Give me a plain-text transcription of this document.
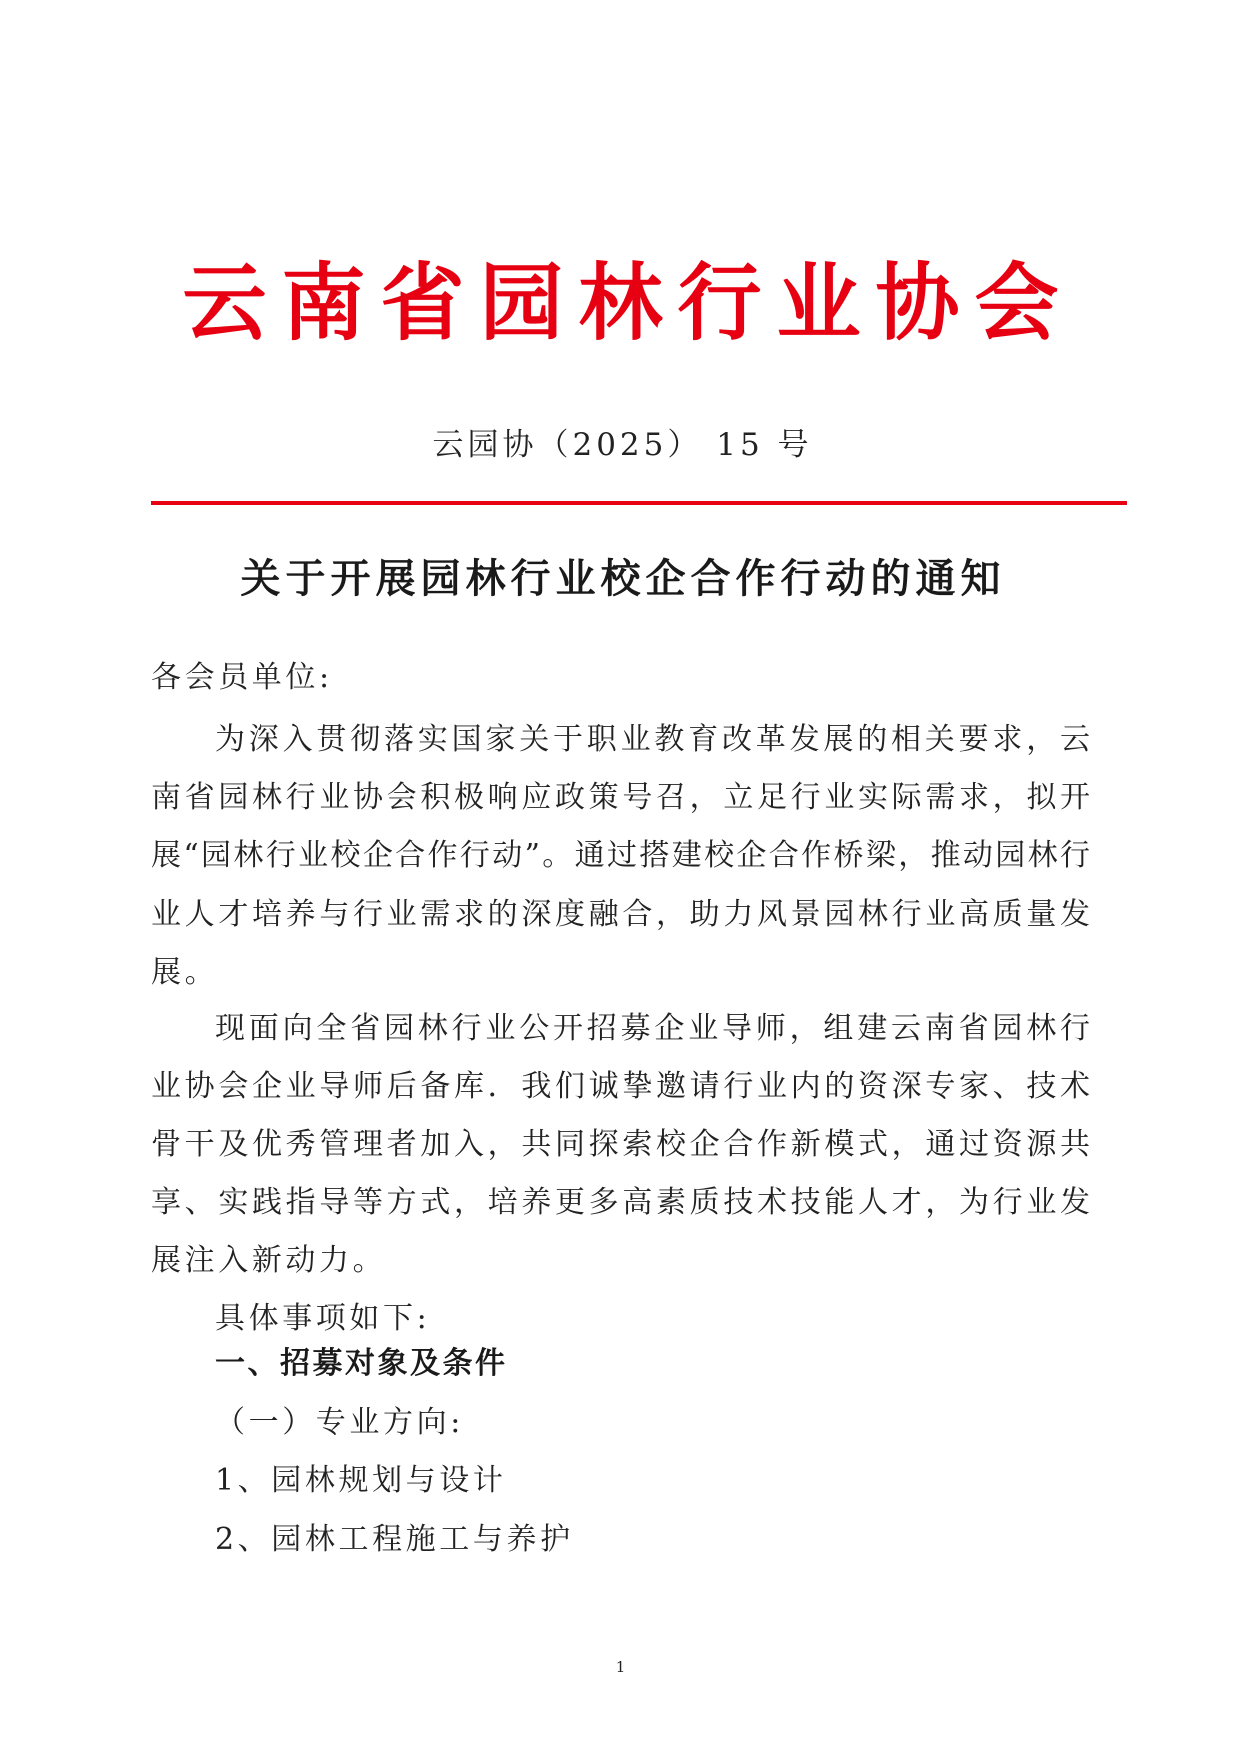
云南省园林行业协会
云园协（2025） 15 号
关于开展园林行业校企合作行动的通知
各会员单位:
为深入贯彻落实国家关于职业教育改革发展的相关要求，云
南省园林行业协会积极响应政策号召，立足行业实际需求，拟开
展“园林行业校企合作行动”。通过搭建校企合作桥梁，推动园林行
业人才培养与行业需求的深度融合，助力风景园林行业高质量发
展。
现面向全省园林行业公开招募企业导师，组建云南省园林行
业协会企业导师后备库．我们诚挚邀请行业内的资深专家、技术
骨干及优秀管理者加入，共同探索校企合作新模式，通过资源共
享、实践指导等方式，培养更多高素质技术技能人才，为行业发
展注入新动力。
具体事项如下:
一、招募对象及条件
（一）专业方向:
1、园林规划与设计
2、园林工程施工与养护
1
